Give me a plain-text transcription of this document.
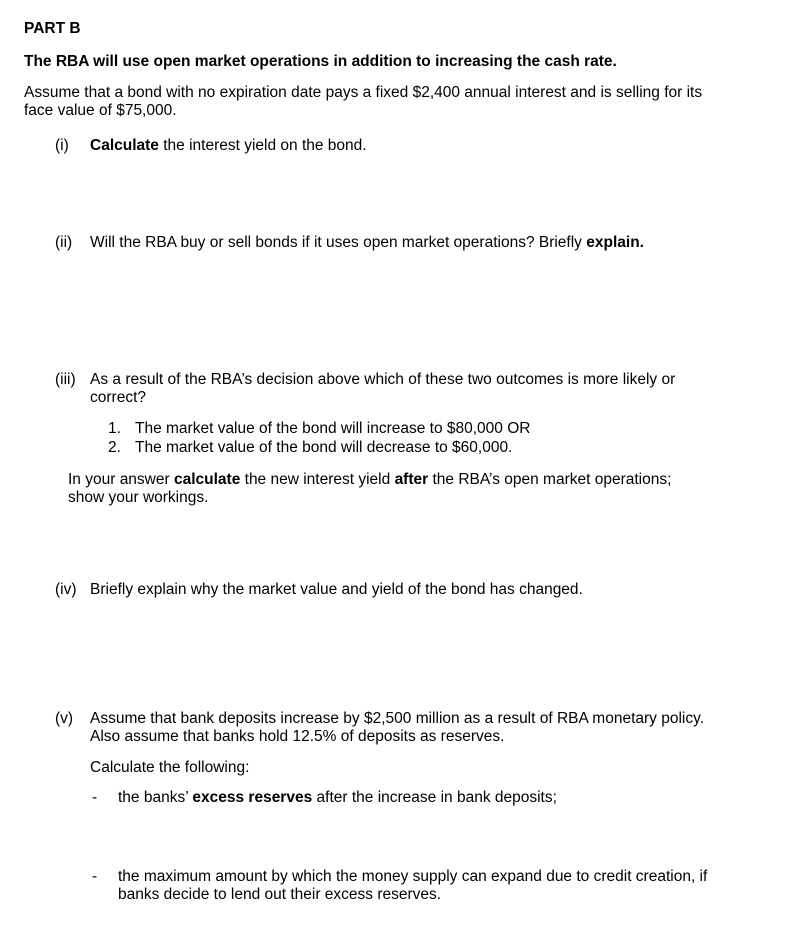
PART B
The RBA will use open market operations in addition to increasing the cash rate.
Assume that a bond with no expiration date pays a fixed $2,400 annual interest and is selling for its
face value of $75,000.
(i) Calculate the interest yield on the bond.
(ii) Will the RBA buy or sell bonds if it uses open market operations? Briefly explain.
(iii) As a result of the RBA’s decision above which of these two outcomes is more likely or
correct?
1. The market value of the bond will increase to $80,000 OR
2. The market value of the bond will decrease to $60,000.
In your answer calculate the new interest yield after the RBA’s open market operations;
show your workings.
(iv) Briefly explain why the market value and yield of the bond has changed.
(v) Assume that bank deposits increase by $2,500 million as a result of RBA monetary policy.
Also assume that banks hold 12.5% of deposits as reserves.
Calculate the following:
- the banks’ excess reserves after the increase in bank deposits;
- the maximum amount by which the money supply can expand due to credit creation, if
banks decide to lend out their excess reserves.
